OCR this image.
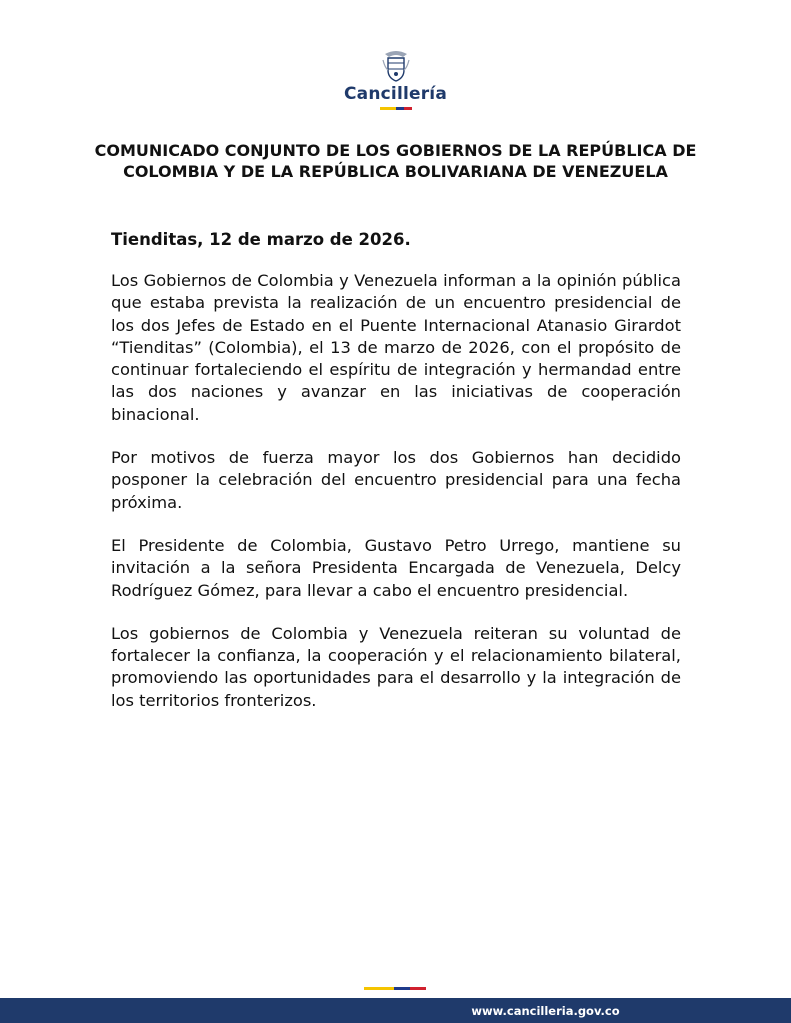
Cancillería
COMUNICADO CONJUNTO DE LOS GOBIERNOS DE LA REPÚBLICA DE COLOMBIA Y DE LA REPÚBLICA BOLIVARIANA DE VENEZUELA

Tienditas, 12 de marzo de 2026.

Los Gobiernos de Colombia y Venezuela informan a la opinión pública que estaba prevista la realización de un encuentro presidencial de los dos Jefes de Estado en el Puente Internacional Atanasio Girardot “Tienditas” (Colombia), el 13 de marzo de 2026, con el propósito de continuar fortaleciendo el espíritu de integración y hermandad entre las dos naciones y avanzar en las iniciativas de cooperación binacional.

Por motivos de fuerza mayor los dos Gobiernos han decidido posponer la celebración del encuentro presidencial para una fecha próxima.

El Presidente de Colombia, Gustavo Petro Urrego, mantiene su invitación a la señora Presidenta Encargada de Venezuela, Delcy Rodríguez Gómez, para llevar a cabo el encuentro presidencial.

Los gobiernos de Colombia y Venezuela reiteran su voluntad de fortalecer la confianza, la cooperación y el relacionamiento bilateral, promoviendo las oportunidades para el desarrollo y la integración de los territorios fronterizos.

www.cancilleria.gov.co
